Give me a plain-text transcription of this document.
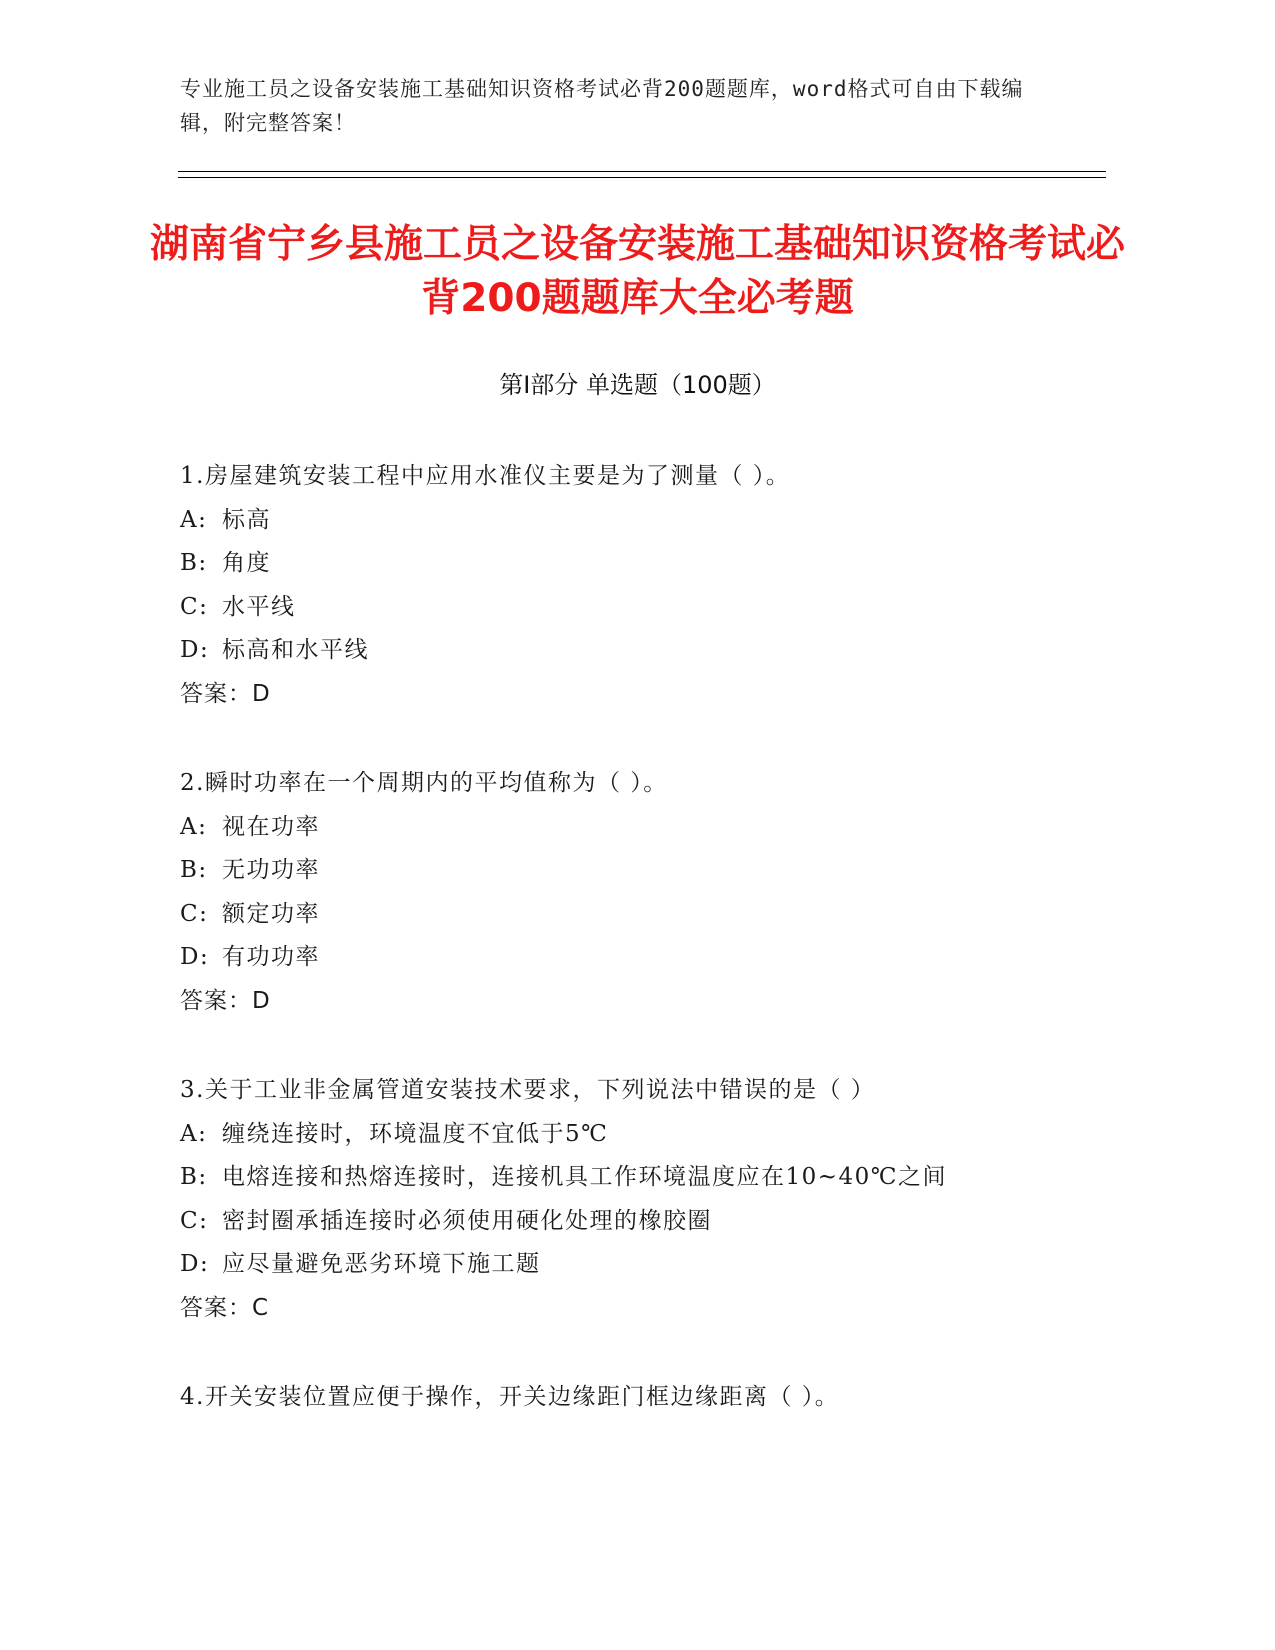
专业施工员之设备安装施工基础知识资格考试必背200题题库，word格式可自由下载编辑，附完整答案！
湖南省宁乡县施工员之设备安装施工基础知识资格考试必背200题题库大全必考题
第I部分 单选题（100题）
1.房屋建筑安装工程中应用水准仪主要是为了测量（ ）。
A: 标高
B: 角度
C: 水平线
D: 标高和水平线
答案：D
2.瞬时功率在一个周期内的平均值称为（ ）。
A: 视在功率
B: 无功功率
C: 额定功率
D: 有功功率
答案：D
3.关于工业非金属管道安装技术要求，下列说法中错误的是（ ）
A: 缠绕连接时，环境温度不宜低于5℃
B: 电熔连接和热熔连接时，连接机具工作环境温度应在10~40℃之间
C: 密封圈承插连接时必须使用硬化处理的橡胶圈
D: 应尽量避免恶劣环境下施工题
答案：C
4.开关安装位置应便于操作，开关边缘距门框边缘距离（ ）。
